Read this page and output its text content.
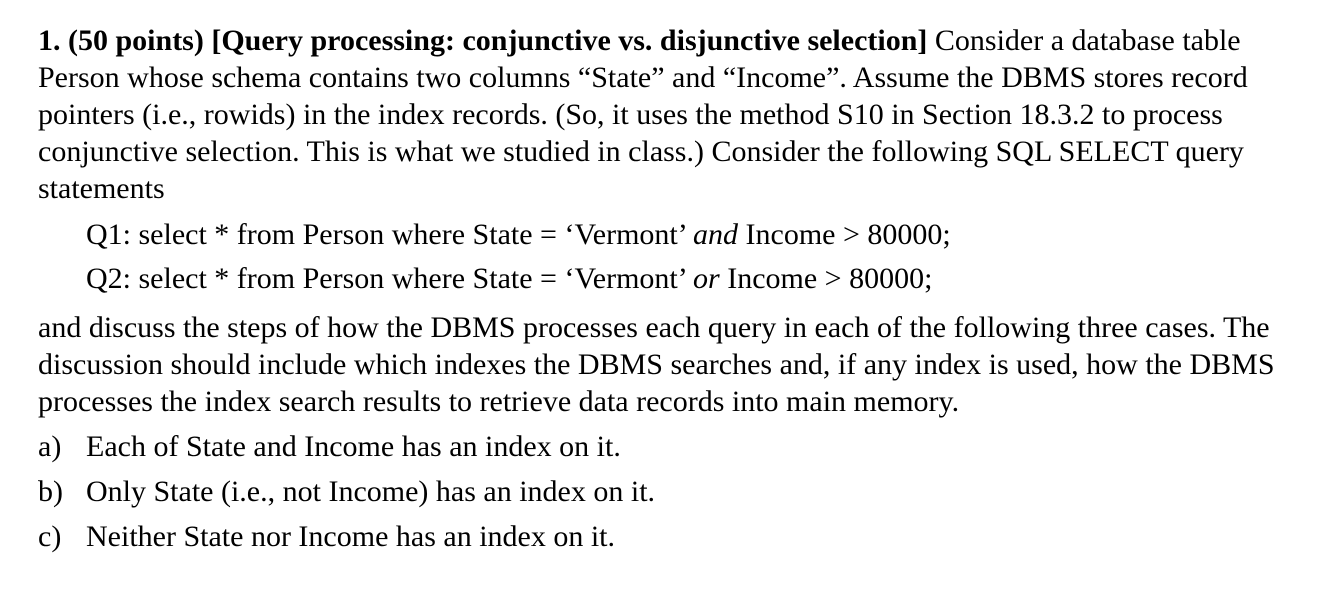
1. (50 points) [Query processing: conjunctive vs. disjunctive selection] Consider a database table Person whose schema contains two columns “State” and “Income”. Assume the DBMS stores record pointers (i.e., rowids) in the index records. (So, it uses the method S10 in Section 18.3.2 to process conjunctive selection. This is what we studied in class.) Consider the following SQL SELECT query statements

Q1: select * from Person where State = ‘Vermont’ and Income > 80000;

Q2: select * from Person where State = ‘Vermont’ or Income > 80000;

and discuss the steps of how the DBMS processes each query in each of the following three cases. The discussion should include which indexes the DBMS searches and, if any index is used, how the DBMS processes the index search results to retrieve data records into main memory.

a) Each of State and Income has an index on it.
b) Only State (i.e., not Income) has an index on it.
c) Neither State nor Income has an index on it.
